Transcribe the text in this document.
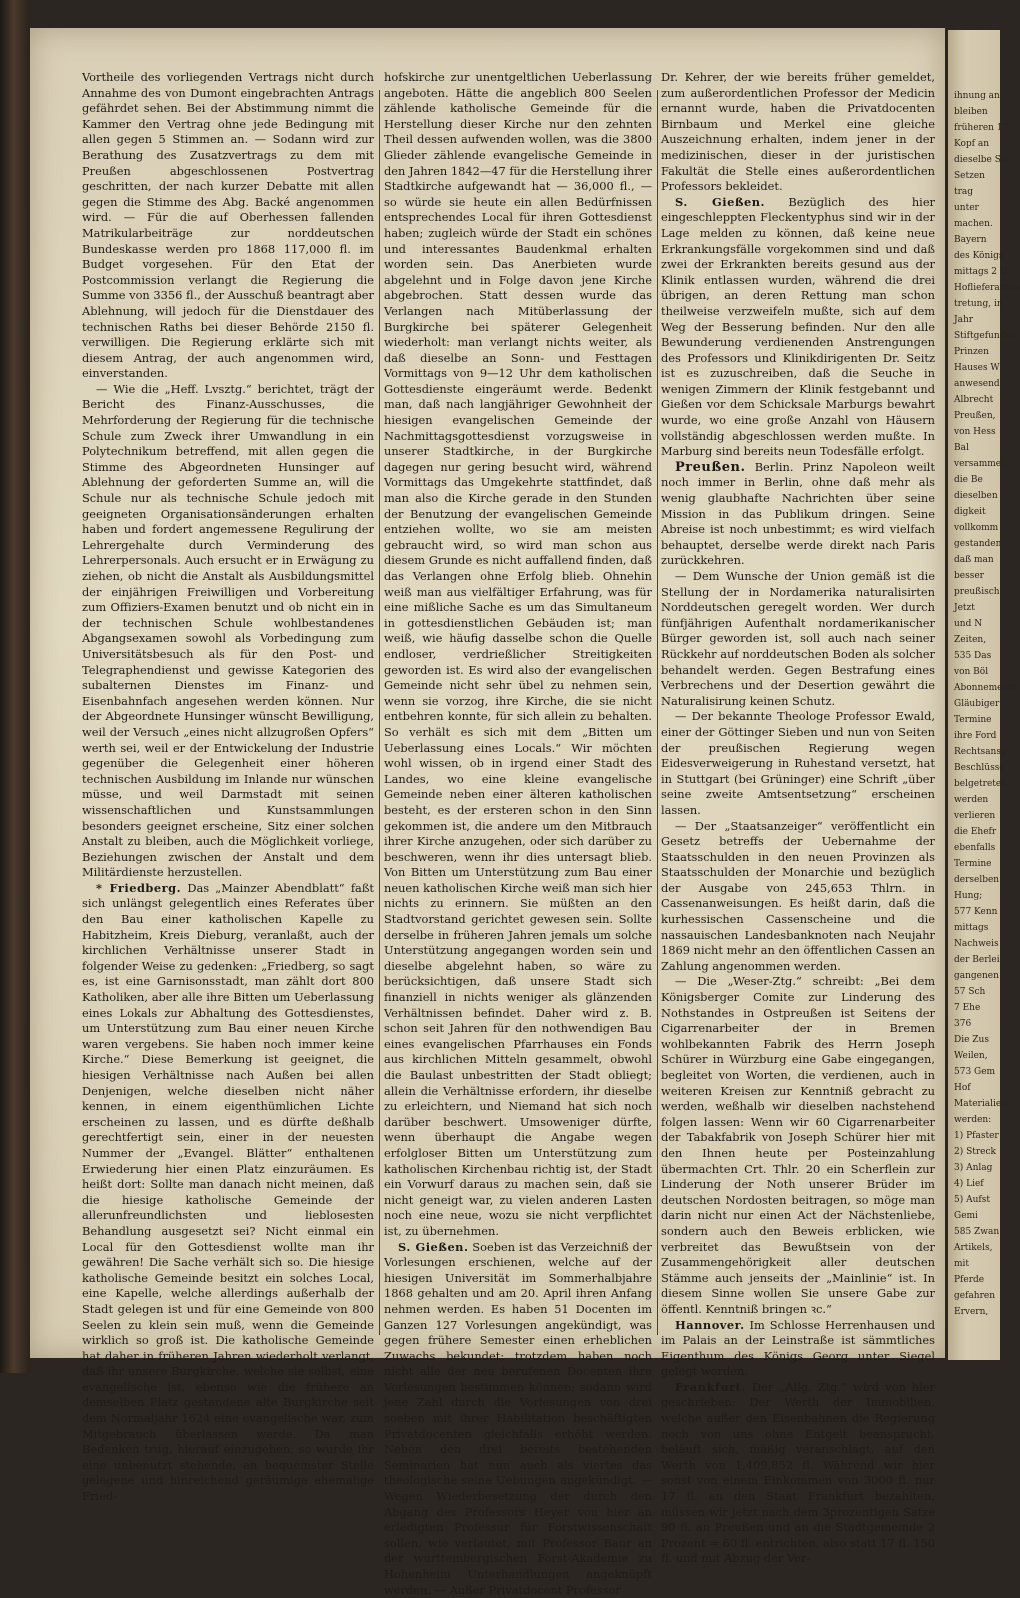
Vortheile des vorliegenden Vertrags nicht durch Annahme des von Dumont eingebrachten Antrags gefährdet sehen. Bei der Abstimmung nimmt die Kammer den Vertrag ohne jede Bedingung mit allen gegen 5 Stimmen an. — Sodann wird zur Berathung des Zusatzvertrags zu dem mit Preußen abgeschlossenen Postvertrag geschritten, der nach kurzer Debatte mit allen gegen die Stimme des Abg. Backé angenommen wird. — Für die auf Oberhessen fallenden Matrikularbeiträge zur norddeutschen Bundeskasse werden pro 1868 117,000 fl. im Budget vorgesehen. Für den Etat der Postcommission verlangt die Regierung die Summe von 3356 fl., der Ausschuß beantragt aber Ablehnung, will jedoch für die Dienstdauer des technischen Raths bei dieser Behörde 2150 fl. verwilligen. Die Regierung erklärte sich mit diesem Antrag, der auch angenommen wird, einverstanden.

— Wie die „Heff. Lvsztg.“ berichtet, trägt der Bericht des Finanz-Ausschusses, die Mehrforderung der Regierung für die technische Schule zum Zweck ihrer Umwandlung in ein Polytechnikum betreffend, mit allen gegen die Stimme des Abgeordneten Hunsinger auf Ablehnung der geforderten Summe an, will die Schule nur als technische Schule jedoch mit geeigneten Organisationsänderungen erhalten haben und fordert angemessene Regulirung der Lehrergehalte durch Verminderung des Lehrerpersonals. Auch ersucht er in Erwägung zu ziehen, ob nicht die Anstalt als Ausbildungsmittel der einjährigen Freiwilligen und Vorbereitung zum Offiziers-Examen benutzt und ob nicht ein in der technischen Schule wohlbestandenes Abgangsexamen sowohl als Vorbedingung zum Universitätsbesuch als für den Post- und Telegraphendienst und gewisse Kategorien des subalternen Dienstes im Finanz- und Eisenbahnfach angesehen werden können. Nur der Abgeordnete Hunsinger wünscht Bewilligung, weil der Versuch „eines nicht allzugroßen Opfers“ werth sei, weil er der Entwickelung der Industrie gegenüber die Gelegenheit einer höheren technischen Ausbildung im Inlande nur wünschen müsse, und weil Darmstadt mit seinen wissenschaftlichen und Kunstsammlungen besonders geeignet erscheine, Sitz einer solchen Anstalt zu bleiben, auch die Möglichkeit vorliege, Beziehungen zwischen der Anstalt und dem Militärdienste herzustellen.

* Friedberg. Das „Mainzer Abendblatt“ faßt sich unlängst gelegentlich eines Referates über den Bau einer katholischen Kapelle zu Habitzheim, Kreis Dieburg, veranlaßt, auch der kirchlichen Verhältnisse unserer Stadt in folgender Weise zu gedenken: „Friedberg, so sagt es, ist eine Garnisonsstadt, man zählt dort 800 Katholiken, aber alle ihre Bitten um Ueberlassung eines Lokals zur Abhaltung des Gottesdienstes, um Unterstützung zum Bau einer neuen Kirche waren vergebens. Sie haben noch immer keine Kirche.“ Diese Bemerkung ist geeignet, die hiesigen Verhältnisse nach Außen bei allen Denjenigen, welche dieselben nicht näher kennen, in einem eigenthümlichen Lichte erscheinen zu lassen, und es dürfte deßhalb gerechtfertigt sein, einer in der neuesten Nummer der „Evangel. Blätter“ enthaltenen Erwiederung hier einen Platz einzuräumen. Es heißt dort: Sollte man danach nicht meinen, daß die hiesige katholische Gemeinde der allerunfreundlichsten und lieblosesten Behandlung ausgesetzt sei? Nicht einmal ein Local für den Gottesdienst wollte man ihr gewähren! Die Sache verhält sich so. Die hiesige katholische Gemeinde besitzt ein solches Local, eine Kapelle, welche allerdings außerhalb der Stadt gelegen ist und für eine Gemeinde von 800 Seelen zu klein sein muß, wenn die Gemeinde wirklich so groß ist. Die katholische Gemeinde hat daher in früheren Jahren wiederholt verlangt, daß ihr unsere Burgkirche, welche sie selbst, eine evangelische ist, ebenso wie die frühere an demselben Platz gestandene alte Burgkirche seit dem Normaljahr 1624 eine evangelische war, zum Mitgebrauch überlassen werde. Da man Bedenken trug, hierauf einzugehen, so wurde ihr eine unbenutzt stehende, an bequemster Stelle gelegene und hinreichend geräumige ehemalige Fried-

hofskirche zur unentgeltlichen Ueberlassung angeboten. Hätte die angeblich 800 Seelen zählende katholische Gemeinde für die Herstellung dieser Kirche nur den zehnten Theil dessen aufwenden wollen, was die 3800 Glieder zählende evangelische Gemeinde in den Jahren 1842—47 für die Herstellung ihrer Stadtkirche aufgewandt hat — 36,000 fl., — so würde sie heute ein allen Bedürfnissen entsprechendes Local für ihren Gottesdienst haben; zugleich würde der Stadt ein schönes und interessantes Baudenkmal erhalten worden sein. Das Anerbieten wurde abgelehnt und in Folge davon jene Kirche abgebrochen. Statt dessen wurde das Verlangen nach Mitüberlassung der Burgkirche bei späterer Gelegenheit wiederholt: man verlangt nichts weiter, als daß dieselbe an Sonn- und Festtagen Vormittags von 9—12 Uhr dem katholischen Gottesdienste eingeräumt werde. Bedenkt man, daß nach langjähriger Gewohnheit der hiesigen evangelischen Gemeinde der Nachmittagsgottesdienst vorzugsweise in unserer Stadtkirche, in der Burgkirche dagegen nur gering besucht wird, während Vormittags das Umgekehrte stattfindet, daß man also die Kirche gerade in den Stunden der Benutzung der evangelischen Gemeinde entziehen wollte, wo sie am meisten gebraucht wird, so wird man schon aus diesem Grunde es nicht auffallend finden, daß das Verlangen ohne Erfolg blieb. Ohnehin weiß man aus vielfältiger Erfahrung, was für eine mißliche Sache es um das Simultaneum in gottesdienstlichen Gebäuden ist; man weiß, wie häufig dasselbe schon die Quelle endloser, verdrießlicher Streitigkeiten geworden ist. Es wird also der evangelischen Gemeinde nicht sehr übel zu nehmen sein, wenn sie vorzog, ihre Kirche, die sie nicht entbehren konnte, für sich allein zu behalten. So verhält es sich mit dem „Bitten um Ueberlassung eines Locals.“ Wir möchten wohl wissen, ob in irgend einer Stadt des Landes, wo eine kleine evangelische Gemeinde neben einer älteren katholischen besteht, es der ersteren schon in den Sinn gekommen ist, die andere um den Mitbrauch ihrer Kirche anzugehen, oder sich darüber zu beschweren, wenn ihr dies untersagt blieb. Von Bitten um Unterstützung zum Bau einer neuen katholischen Kirche weiß man sich hier nichts zu erinnern. Sie müßten an den Stadtvorstand gerichtet gewesen sein. Sollte derselbe in früheren Jahren jemals um solche Unterstützung angegangen worden sein und dieselbe abgelehnt haben, so wäre zu berücksichtigen, daß unsere Stadt sich finanziell in nichts weniger als glänzenden Verhältnissen befindet. Daher wird z. B. schon seit Jahren für den nothwendigen Bau eines evangelischen Pfarrhauses ein Fonds aus kirchlichen Mitteln gesammelt, obwohl die Baulast unbestritten der Stadt obliegt; allein die Verhältnisse erfordern, ihr dieselbe zu erleichtern, und Niemand hat sich noch darüber beschwert. Umsoweniger dürfte, wenn überhaupt die Angabe wegen erfolgloser Bitten um Unterstützung zum katholischen Kirchenbau richtig ist, der Stadt ein Vorwurf daraus zu machen sein, daß sie nicht geneigt war, zu vielen anderen Lasten noch eine neue, wozu sie nicht verpflichtet ist, zu übernehmen.

S. Gießen. Soeben ist das Verzeichniß der Vorlesungen erschienen, welche auf der hiesigen Universität im Sommerhalbjahre 1868 gehalten und am 20. April ihren Anfang nehmen werden. Es haben 51 Docenten im Ganzen 127 Vorlesungen angekündigt, was gegen frühere Semester einen erheblichen Zuwachs bekundet; trotzdem haben noch nicht alle der neu berufenen Docenten ihre Vorlesungen bestimmen können; sodann wird jene Zahl durch die Vorlesungen von drei soeben mit ihrer Habilitation beschäftigten Privatdocenten gleichfalls erhöht werden. Neben den drei bereits bestehenden Seminarien hat nun auch als viertes das theologische seine Uebungen angekündigt. — Wegen Wiederbesetzung der durch den Abgang des Professors Heyer von hier an erledigten Professur für Forstwissenschaft sollen, wie verlautet, mit Professor Baur an der württembergischen Forst-Akademie zu Hohenheim Unterhandlungen angeknüpft werden. — Außer Privatdocent Professor

Dr. Kehrer, der wie bereits früher gemeldet, zum außerordentlichen Professor der Medicin ernannt wurde, haben die Privatdocenten Birnbaum und Merkel eine gleiche Auszeichnung erhalten, indem jener in der medizinischen, dieser in der juristischen Fakultät die Stelle eines außerordentlichen Professors bekleidet.

S. Gießen. Bezüglich des hier eingeschleppten Fleckentyphus sind wir in der Lage melden zu können, daß keine neue Erkrankungsfälle vorgekommen sind und daß zwei der Erkrankten bereits gesund aus der Klinik entlassen wurden, während die drei übrigen, an deren Rettung man schon theilweise verzweifeln mußte, sich auf dem Weg der Besserung befinden. Nur den alle Bewunderung verdienenden Anstrengungen des Professors und Klinikdirigenten Dr. Seitz ist es zuzuschreiben, daß die Seuche in wenigen Zimmern der Klinik festgebannt und Gießen vor dem Schicksale Marburgs bewahrt wurde, wo eine große Anzahl von Häusern vollständig abgeschlossen werden mußte. In Marburg sind bereits neun Todesfälle erfolgt.

Preußen. Berlin. Prinz Napoleon weilt noch immer in Berlin, ohne daß mehr als wenig glaubhafte Nachrichten über seine Mission in das Publikum dringen. Seine Abreise ist noch unbestimmt; es wird vielfach behauptet, derselbe werde direkt nach Paris zurückkehren.

— Dem Wunsche der Union gemäß ist die Stellung der in Nordamerika naturalisirten Norddeutschen geregelt worden. Wer durch fünfjährigen Aufenthalt nordamerikanischer Bürger geworden ist, soll auch nach seiner Rückkehr auf norddeutschen Boden als solcher behandelt werden. Gegen Bestrafung eines Verbrechens und der Desertion gewährt die Naturalisirung keinen Schutz.

— Der bekannte Theologe Professor Ewald, einer der Göttinger Sieben und nun von Seiten der preußischen Regierung wegen Eidesverweigerung in Ruhestand versetzt, hat in Stuttgart (bei Grüninger) eine Schrift „über seine zweite Amtsentsetzung“ erscheinen lassen.

— Der „Staatsanzeiger“ veröffentlicht ein Gesetz betreffs der Uebernahme der Staatsschulden in den neuen Provinzen als Staatsschulden der Monarchie und bezüglich der Ausgabe von 245,653 Thlrn. in Cassenanweisungen. Es heißt darin, daß die kurhessischen Cassenscheine und die nassauischen Landesbanknoten nach Neujahr 1869 nicht mehr an den öffentlichen Cassen an Zahlung angenommen werden.

— Die „Weser-Ztg.“ schreibt: „Bei dem Königsberger Comite zur Linderung des Nothstandes in Ostpreußen ist Seitens der Cigarrenarbeiter der in Bremen wohlbekannten Fabrik des Herrn Joseph Schürer in Würzburg eine Gabe eingegangen, begleitet von Worten, die verdienen, auch in weiteren Kreisen zur Kenntniß gebracht zu werden, weßhalb wir dieselben nachstehend folgen lassen: Wenn wir 60 Cigarrenarbeiter der Tabakfabrik von Joseph Schürer hier mit den Ihnen heute per Posteinzahlung übermachten Crt. Thlr. 20 ein Scherflein zur Linderung der Noth unserer Brüder im deutschen Nordosten beitragen, so möge man darin nicht nur einen Act der Nächstenliebe, sondern auch den Beweis erblicken, wie verbreitet das Bewußtsein von der Zusammengehörigkeit aller deutschen Stämme auch jenseits der „Mainlinie“ ist. In diesem Sinne wollen Sie unsere Gabe zur öffentl. Kenntniß bringen ꝛc.“

Hannover. Im Schlosse Herrenhausen und im Palais an der Leinstraße ist sämmtliches Eigenthum des Königs Georg unter Siegel gelegt worden.

Frankfurt. Der „Allg. Ztg.“ wird von hier geschrieben: Der Werth der Immobilien, welche außer den Eisenbahnen die Regierung noch von uns ohne Entgelt beansprucht, beläuft sich, mäßig veranschlagt, auf den Werth von 1,409,852 fl. Während wir hier sonst von einem Einkommen von 3000 fl. nur 17 fl. an den Staat Frankfurt bezahlten, müssen wir jetzt nach dem 3prozentigen Satze 90 fl. an Preußen und an die Stadtgemeinde 2 Prozent = 60 fl. entrichten, also statt 17 fl. 150 fl. und mit Abzug der Ver-

ihnung an
bleiben
früheren 17
Kopf an
dieselbe Sie
Setzen
trag
unter
machen.
Bayern
des Königs
mittags 2 U
Hoflieferanten
tretung, in
Jahr
Stiftgefunden
Prinzen
Hauses W
anwesend
Albrecht
Preußen,
von Hess
Bal
versammel
die Be
dieselben
digkeit
vollkomm
gestanden
daß man
besser
preußisch
Jetzt
und N
Zeiten,
535 Das
von Böl
Abonnements
Gläubiger
Termine
ihre Ford
Rechtsansp
Beschlüsse
belgetretes
werden
verlieren
die Ehefr
ebenfalls
Termine
derselben
Hung;
577 Kenn
mittags
Nachweis
der Berlei
gangenen
57 Sch
7 Ehe
376
Die Zus
Weilen,
573 Gem
Hof
Materialien
werden:
1) Pfaster
2) Streck
3) Anlag
4) Lief
5) Aufst
Gemi
585 Zwan
Artikels,
mit
Pferde
gefahren
Ervern,
